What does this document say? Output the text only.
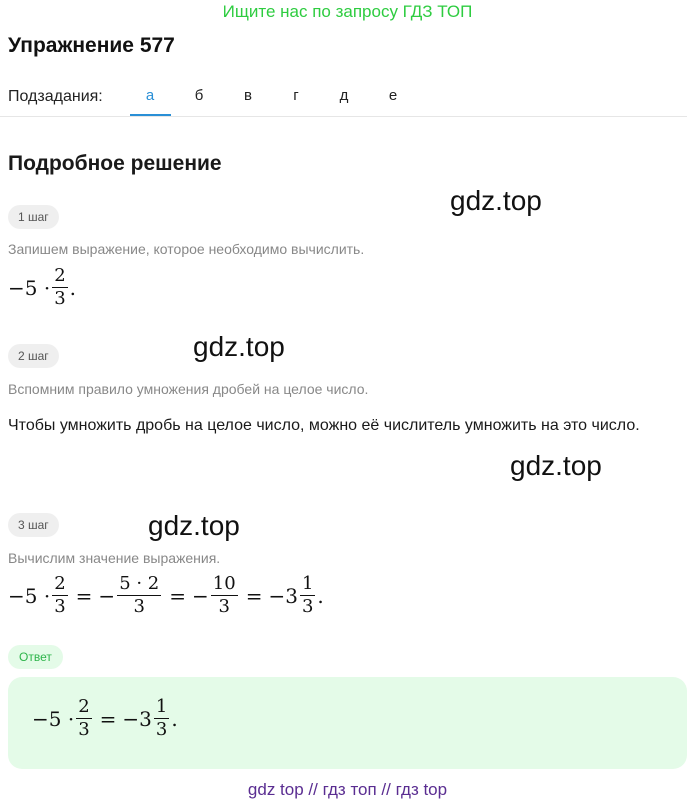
Ищите нас по запросу ГДЗ ТОП
Упражнение 577
Подзадания:	а	б	в	г	д	е
Подробное решение
1 шаг
gdz.top
Запишем выражение, которое необходимо вычислить.
$-5 \cdot \frac{2}{3}$ .
2 шаг	gdz.top
Вспомним правило умножения дробей на целое число.
Чтобы умножить дробь на целое число, можно её числитель умножить на это число.
gdz.top
3 шаг	gdz.top
Вычислим значение выражения.
$-5 \cdot \frac{2}{3}$ = − $\frac{5 \cdot 2}{3}$ = − $\frac{10}{3} = -3 \frac{1}{3}$ .
Ответ
$-5 \cdot \frac{2}{3} = -3 \frac{1}{3}$ .
gdz top // гдз топ // гдз top
